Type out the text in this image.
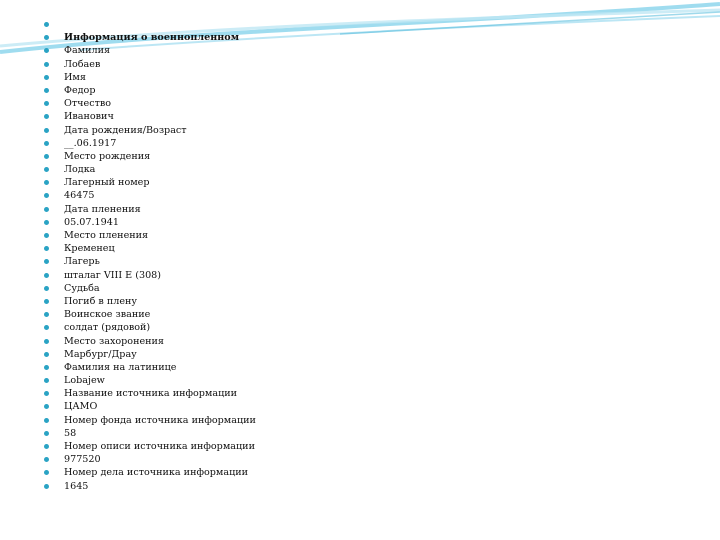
Информация о военнопленном
Фамилия
Лобаев
Имя
Федор
Отчество
Иванович
Дата рождения/Возраст
__.06.1917
Место рождения
Лодка
Лагерный номер
46475
Дата пленения
05.07.1941
Место пленения
Кременец
Лагерь
шталаг VIII E (308)
Судьба
Погиб в плену
Воинское звание
солдат (рядовой)
Место захоронения
Марбург/Драу
Фамилия на латинице
Lobajew
Название источника информации
ЦАМО
Номер фонда источника информации
58
Номер описи источника информации
977520
Номер дела источника информации
1645
